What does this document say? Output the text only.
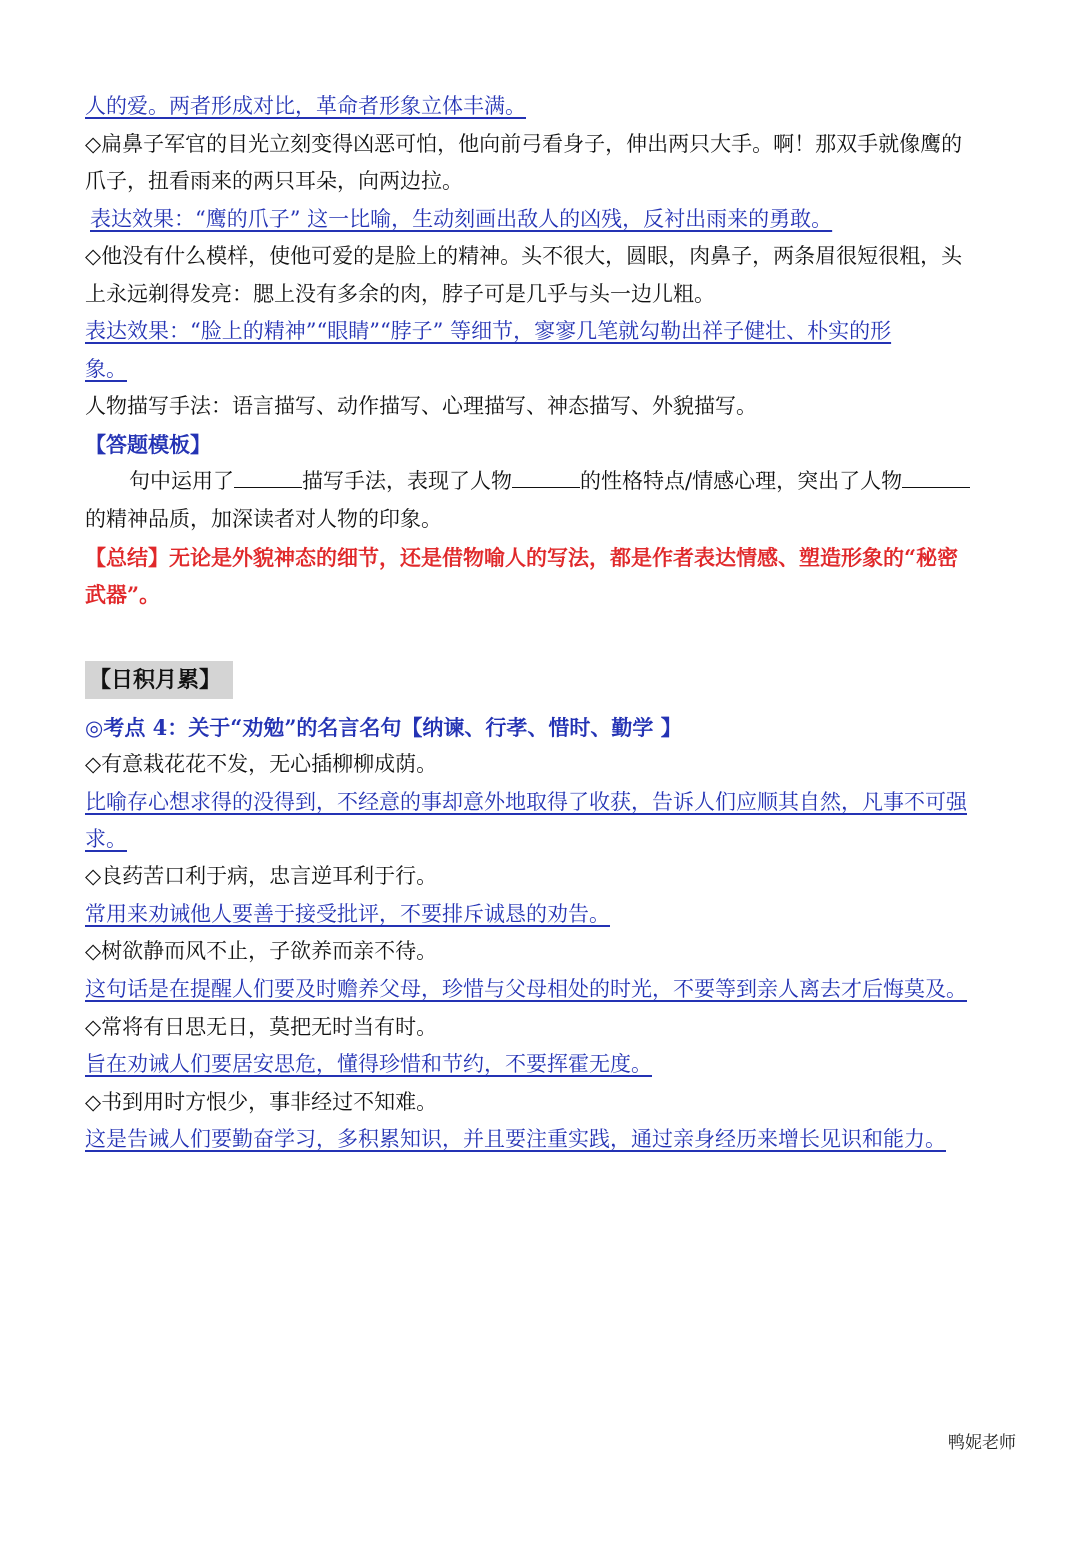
人的爱。两者形成对比，革命者形象立体丰满。
◇扁鼻子军官的目光立刻变得凶恶可怕，他向前弓看身子，伸出两只大手。啊！那双手就像鹰的
爪子，扭看雨来的两只耳朵，向两边拉。
表达效果：“鹰的爪子” 这一比喻，生动刻画出敌人的凶残，反衬出雨来的勇敢。
◇他没有什么模样，使他可爱的是脸上的精神。头不很大，圆眼，肉鼻子，两条眉很短很粗，头
上永远剃得发亮：腮上没有多余的肉，脖子可是几乎与头一边儿粗。
表达效果：“脸上的精神”“眼睛”“脖子” 等细节，寥寥几笔就勾勒出祥子健壮、朴实的形
象。
人物描写手法：语言描写、动作描写、心理描写、神态描写、外貌描写。
【答题模板】
句中运用了	描写手法，表现了人物	的性格特点/情感心理，突出了人物
的精神品质，加深读者对人物的印象。
【总结】无论是外貌神态的细节，还是借物喻人的写法，都是作者表达情感、塑造形象的“秘密
武器”。
【日积月累】
◎考点 4：关于“劝勉”的名言名句【纳谏、行孝、惜时、勤学 】
◇有意栽花花不发，无心插柳柳成荫。
比喻存心想求得的没得到，不经意的事却意外地取得了收获，告诉人们应顺其自然，凡事不可强
求。
◇良药苦口利于病，忠言逆耳利于行。
常用来劝诫他人要善于接受批评，不要排斥诚恳的劝告。
◇树欲静而风不止，子欲养而亲不待。
这句话是在提醒人们要及时赡养父母，珍惜与父母相处的时光，不要等到亲人离去才后悔莫及。
◇常将有日思无日，莫把无时当有时。
旨在劝诫人们要居安思危，懂得珍惜和节约，不要挥霍无度。
◇书到用时方恨少，事非经过不知难。
这是告诫人们要勤奋学习，多积累知识，并且要注重实践，通过亲身经历来增长见识和能力。
鸭妮老师
